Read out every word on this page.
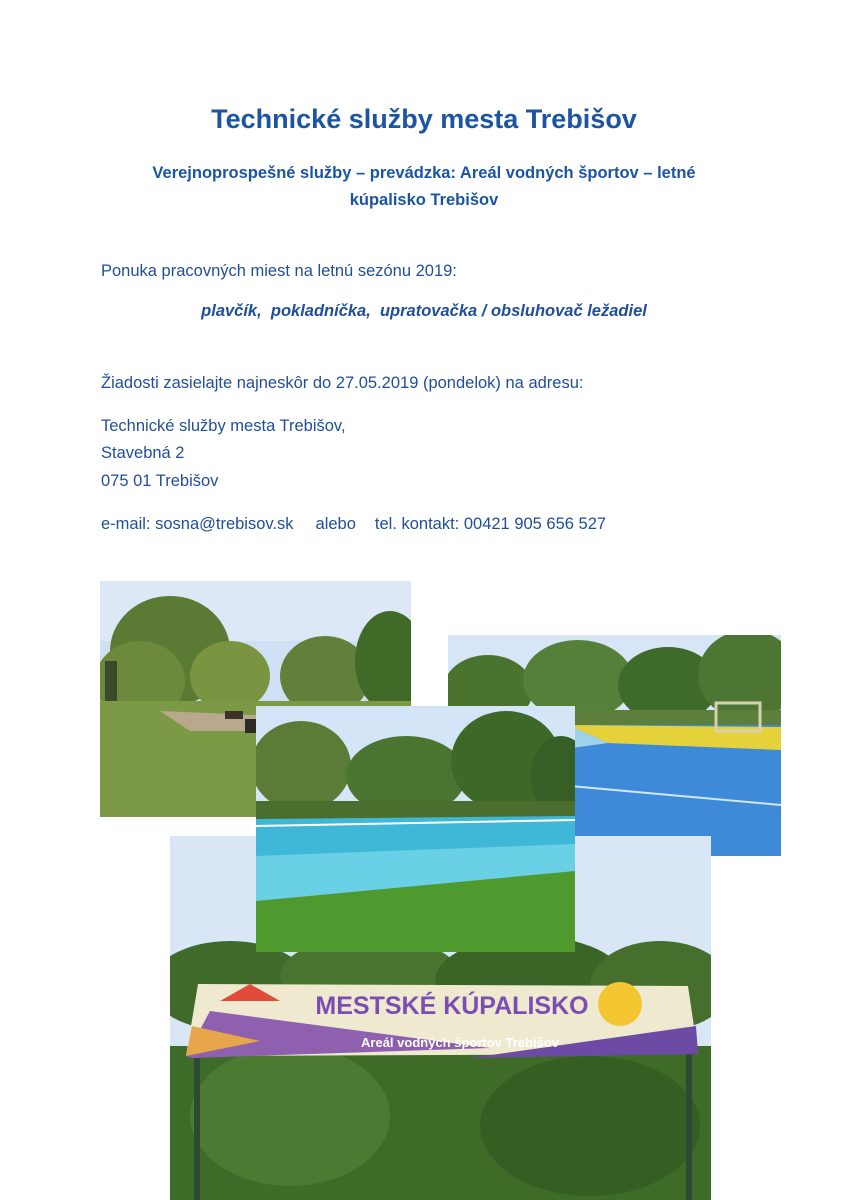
Technické služby mesta Trebišov
Verejnoprospešné služby – prevádzka: Areál vodných športov – letné
kúpalisko Trebišov
Ponuka pracovných miest na letnú sezónu 2019:
plavčík,  pokladníčka,  upratovačka / obsluhovač ležadiel
Žiadosti zasielajte najneskôr do 27.05.2019 (pondelok) na adresu:
Technické služby mesta Trebišov,
Stavebná 2
075 01 Trebišov
e-mail: sosna@trebisov.sk alebo tel. kontakt: 00421 905 656 527
MESTSKÉ KÚPALISKO
Areál vodných športov Trebišov
